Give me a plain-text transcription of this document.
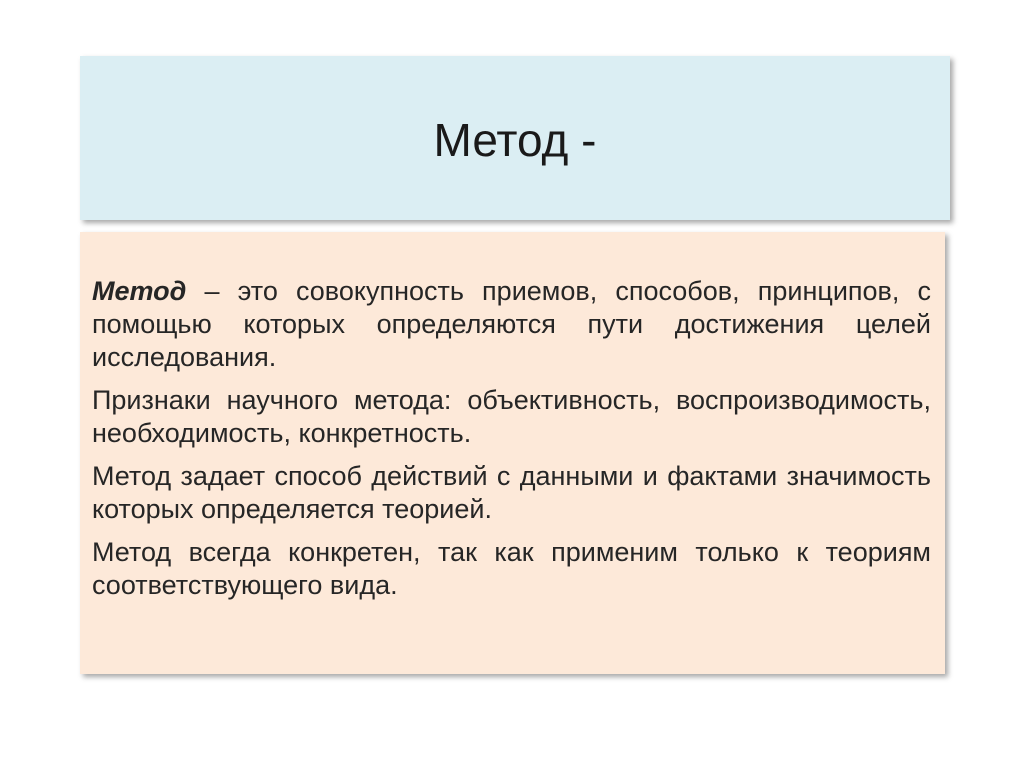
Метод -

Метод – это совокупность приемов, способов, принципов, с помощью которых определяются пути достижения целей исследования.

Признаки научного метода: объективность, воспроизводимость, необходимость, конкретность.

Метод задает способ действий с данными и фактами значимость которых определяется теорией.

Метод всегда конкретен, так как применим только к теориям соответствующего вида.
